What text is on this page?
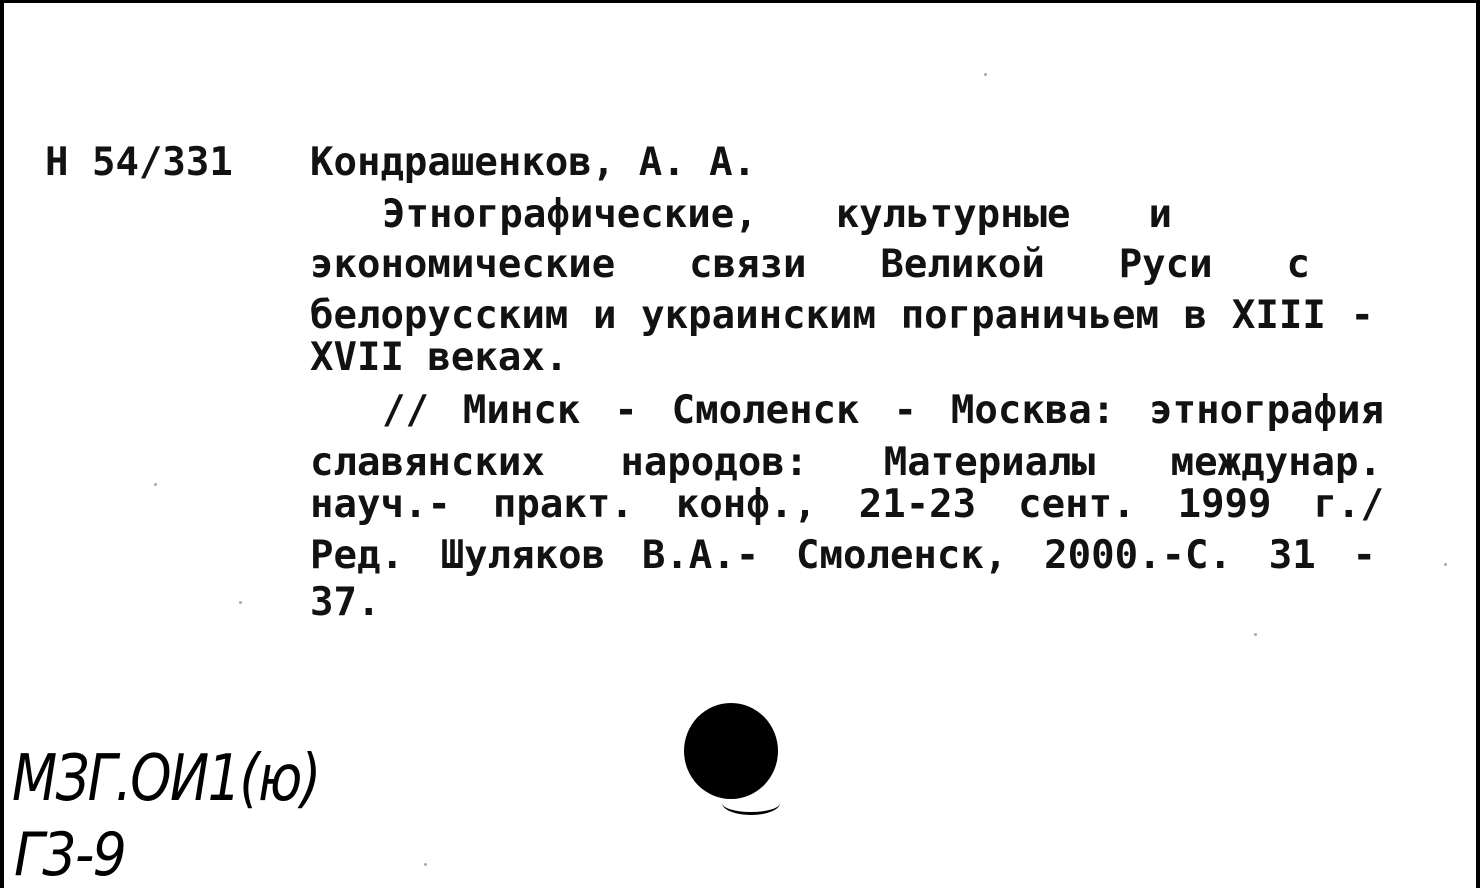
Н 54/331 Кондрашенков, А. А.
Этнографические, культурные и
экономические связи Великой Руси с
белорусским и украинским пограничьем в XIII -
XVII веках.
// Минск - Смоленск - Москва: этнография
славянских народов: Материалы междунар.
науч.- практ. конф., 21-23 сент. 1999 г./
Ред. Шуляков В.А.- Смоленск, 2000.-С. 31 -
37.
МЗГ.ОИ1(ю)
Г3-9
